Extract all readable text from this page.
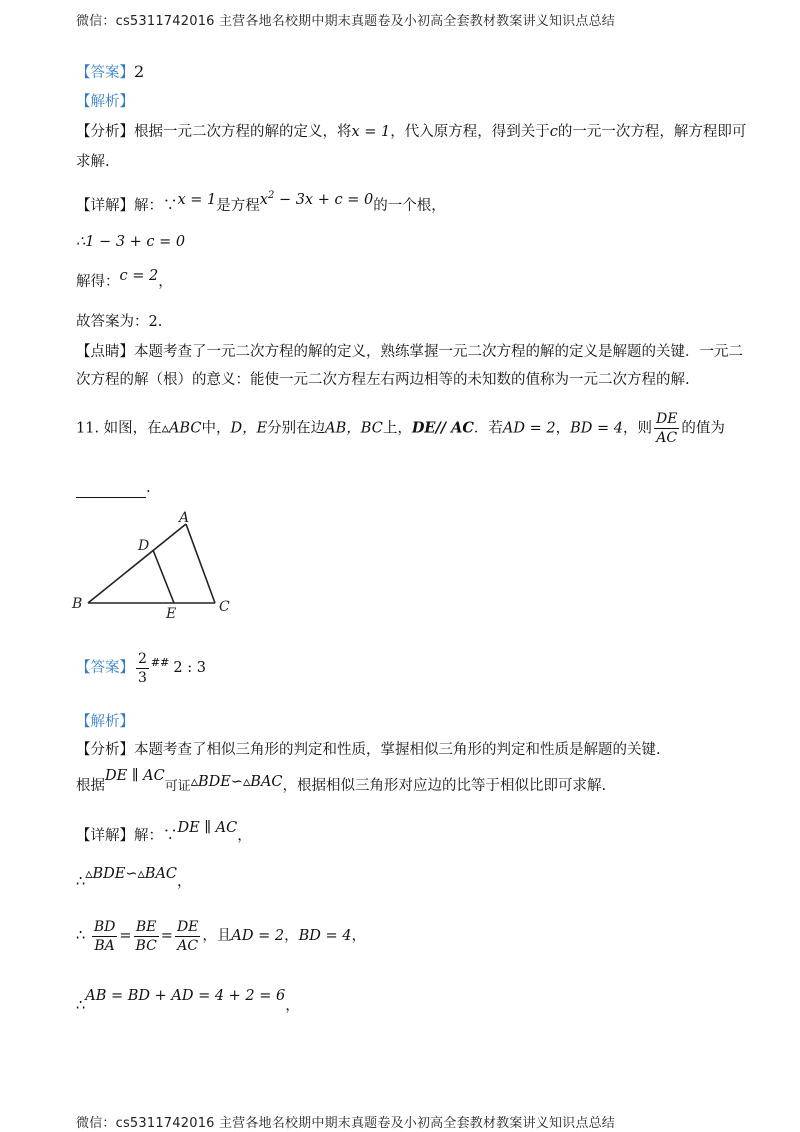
微信：cs5311742016 主营各地名校期中期末真题卷及小初高全套教材教案讲义知识点总结
【答案】2
【解析】
【分析】根据一元二次方程的解的定义，将x = 1，代入原方程，得到关于c的一元一次方程，解方程即可
求解.
【详解】解：∵x = 1是方程$x^2 - 3x + c = 0$的一个根，
∴1 − 3 + c = 0
解得：c = 2，
故答案为：2.
【点睛】本题考查了一元二次方程的解的定义，熟练掌握一元二次方程的解的定义是解题的关键．一元二
次方程的解（根）的意义：能使一元二次方程左右两边相等的未知数的值称为一元二次方程的解.
11. 如图，在▵ABC中，D，E分别在边AB，BC上，DE// AC．若AD = 2，BD = 4，则 $\frac{DE}{AC}$ 的值为
.
A
B	C
D
E
【答案】 $\frac{2}{3} ^{\#\#}$ 2 : 3
【解析】
【分析】本题考查了相似三角形的判定和性质，掌握相似三角形的判定和性质是解题的关键.
根据DE ∥ AC可证▵BDE∽▵BAC，根据相似三角形对应边的比等于相似比即可求解.
【详解】解：∵DE ∥ AC，
∴▵BDE∽▵BAC，
∴ $\frac{BD}{BA} = \frac{BE}{BC} = \frac{DE}{AC}$ ，且AD = 2，BD = 4，
∴AB = BD + AD = 4 + 2 = 6，
微信：cs5311742016 主营各地名校期中期末真题卷及小初高全套教材教案讲义知识点总结
